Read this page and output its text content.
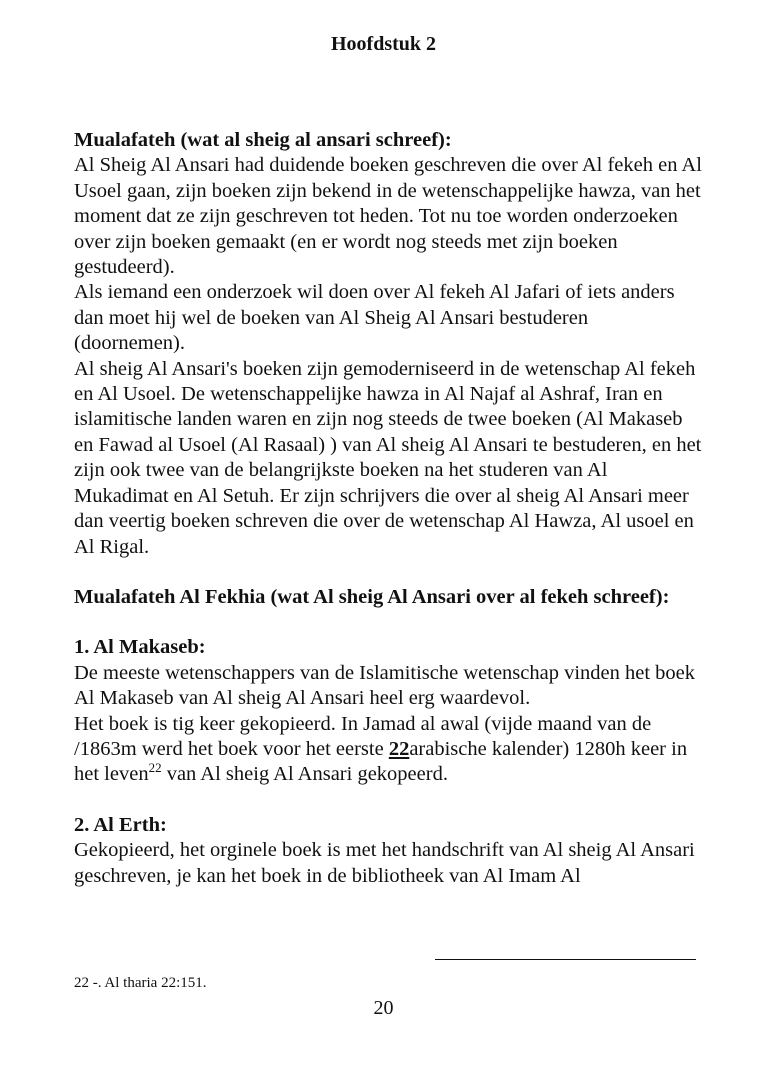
Hoofdstuk 2

Mualafateh (wat al sheig al ansari schreef):

Al Sheig Al Ansari had duidende boeken geschreven die over Al fekeh en Al Usoel gaan, zijn boeken zijn bekend in de wetenschappelijke hawza, van het moment dat ze zijn geschreven tot heden. Tot nu toe worden onderzoeken over zijn boeken gemaakt (en er wordt nog steeds met zijn boeken gestudeerd).

Als iemand een onderzoek wil doen over Al fekeh Al Jafari of iets anders dan moet hij wel de boeken van Al Sheig Al Ansari bestuderen (doornemen).

Al sheig Al Ansari's boeken zijn gemoderniseerd in de wetenschap Al fekeh en Al Usoel. De wetenschappelijke hawza in Al Najaf al Ashraf, Iran en islamitische landen waren en zijn nog steeds de twee boeken (Al Makaseb en Fawad al Usoel (Al Rasaal) ) van Al sheig Al Ansari te bestuderen, en het zijn ook twee van de belangrijkste boeken na het studeren van Al Mukadimat en Al Setuh. Er zijn schrijvers die over al sheig Al Ansari meer dan veertig boeken schreven die over de wetenschap Al Hawza, Al usoel en Al Rigal.

Mualafateh Al Fekhia (wat Al sheig Al Ansari over al fekeh schreef):

1. Al Makaseb:

De meeste wetenschappers van de Islamitische wetenschap vinden het boek Al Makaseb van Al sheig Al Ansari heel erg waardevol.

Het boek is tig keer gekopieerd. In Jamad al awal (vijde maand van de /1863m werd het boek voor het eerste 22arabische kalender) 1280h keer in het leven$^{22}$ van Al sheig Al Ansari gekopeerd.

2. Al Erth:

Gekopieerd, het orginele boek is met het handschrift van Al sheig Al Ansari geschreven, je kan het boek in de bibliotheek van Al Imam Al

22 -. Al tharia 22:151.
20
